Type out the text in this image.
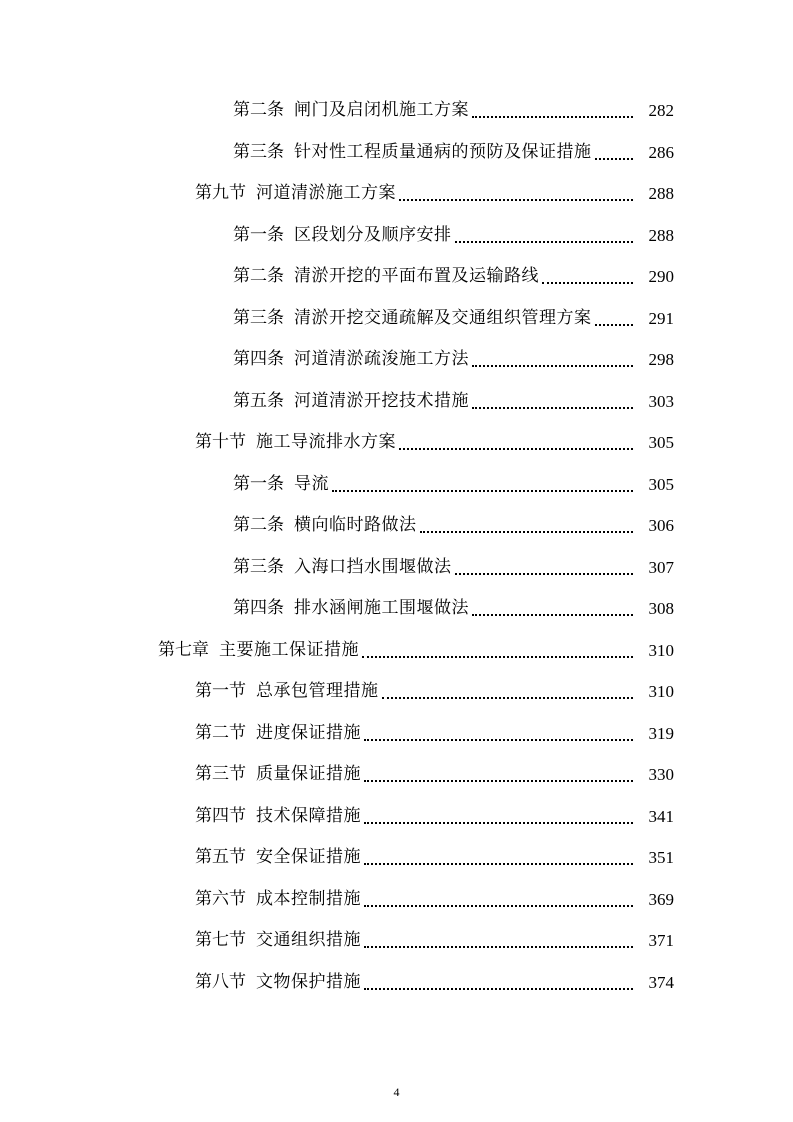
第二条 闸门及启闭机施工方案	282
第三条 针对性工程质量通病的预防及保证措施	286
第九节 河道清淤施工方案	288
第一条 区段划分及顺序安排	288
第二条 清淤开挖的平面布置及运输路线	290
第三条 清淤开挖交通疏解及交通组织管理方案	291
第四条 河道清淤疏浚施工方法	298
第五条 河道清淤开挖技术措施	303
第十节 施工导流排水方案	305
第一条 导流	305
第二条 横向临时路做法	306
第三条 入海口挡水围堰做法	307
第四条 排水涵闸施工围堰做法	308
第七章 主要施工保证措施	310
第一节 总承包管理措施	310
第二节 进度保证措施	319
第三节 质量保证措施	330
第四节 技术保障措施	341
第五节 安全保证措施	351
第六节 成本控制措施	369
第七节 交通组织措施	371
第八节 文物保护措施	374
4
